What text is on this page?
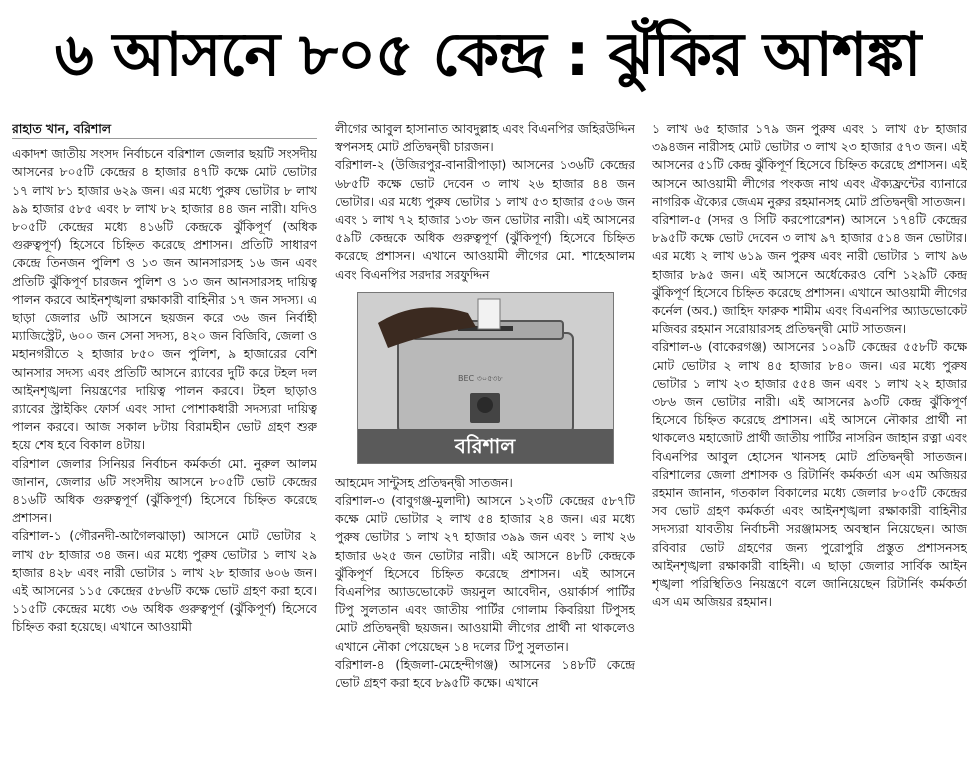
৬ আসনে ৮০৫ কেন্দ্র : ঝুঁকির আশঙ্কা

রাহাত খান, বরিশাল

একাদশ জাতীয় সংসদ নির্বাচনে বরিশাল জেলার ছয়টি সংসদীয় আসনের ৮০৫টি কেন্দ্রের ৪ হাজার ৪৭টি কক্ষে মোট ভোটার ১৭ লাখ ৮১ হাজার ৬২৯ জন। এর মধ্যে পুরুষ ভোটার ৮ লাখ ৯৯ হাজার ৫৮৫ এবং ৮ লাখ ৮২ হাজার ৪৪ জন নারী। যদিও ৮০৫টি কেন্দ্রের মধ্যে ৪১৬টি কেন্দ্রকে ঝুঁকিপূর্ণ (অধিক গুরুত্বপূর্ণ) হিসেবে চিহ্নিত করেছে প্রশাসন। প্রতিটি সাধারণ কেন্দ্রে তিনজন পুলিশ ও ১৩ জন আনসারসহ ১৬ জন এবং প্রতিটি ঝুঁকিপূর্ণ চারজন পুলিশ ও ১৩ জন আনসারসহ দায়িত্ব পালন করবে আইনশৃঙ্খলা রক্ষাকারী বাহিনীর ১৭ জন সদস্য। এ ছাড়া জেলার ৬টি আসনে ছয়জন করে ৩৬ জন নির্বাহী ম্যাজিস্ট্রেট, ৬০০ জন সেনা সদস্য, ৪২০ জন বিজিবি, জেলা ও মহানগরীতে ২ হাজার ৮৫০ জন পুলিশ, ৯ হাজারের বেশি আনসার সদস্য এবং প্রতিটি আসনে র‌্যাবের দুটি করে টহল দল আইনশৃঙ্খলা নিয়ন্ত্রণের দায়িত্ব পালন করবে। টহল ছাড়াও র‌্যাবের স্ট্রাইকিং ফোর্স এবং সাদা পোশাকধারী সদস্যরা দায়িত্ব পালন করবে। আজ সকাল ৮টায় বিরামহীন ভোট গ্রহণ শুরু হয়ে শেষ হবে বিকাল ৪টায়।

বরিশাল জেলার সিনিয়র নির্বাচন কর্মকর্তা মো. নুরুল আলম জানান, জেলার ৬টি সংসদীয় আসনে ৮০৫টি ভোট কেন্দ্রের ৪১৬টি অধিক গুরুত্বপূর্ণ (ঝুঁকিপূর্ণ) হিসেবে চিহ্নিত করেছে প্রশাসন।

বরিশাল-১ (গৌরনদী-আগৈলঝাড়া) আসনে মোট ভোটার ২ লাখ ৫৮ হাজার ৩৪ জন। এর মধ্যে পুরুষ ভোটার ১ লাখ ২৯ হাজার ৪২৮ এবং নারী ভোটার ১ লাখ ২৮ হাজার ৬০৬ জন। এই আসনের ১১৫ কেন্দ্রের ৫৮৬টি কক্ষে ভোট গ্রহণ করা হবে। ১১৫টি কেন্দ্রের মধ্যে ৩৬ অধিক গুরুত্বপূর্ণ (ঝুঁকিপূর্ণ) হিসেবে চিহ্নিত করা হয়েছে। এখানে আওয়ামী

লীগের আবুল হাসানাত আবদুল্লাহ এবং বিএনপির জহিরউদ্দিন স্বপনসহ মোট প্রতিদ্বন্দ্বী চারজন।

বরিশাল-২ (উজিরপুর-বানারীপাড়া) আসনের ১৩৬টি কেন্দ্রের ৬৮৫টি কক্ষে ভোট দেবেন ৩ লাখ ২৬ হাজার ৪৪ জন ভোটার। এর মধ্যে পুরুষ ভোটার ১ লাখ ৫৩ হাজার ৫০৬ জন এবং ১ লাখ ৭২ হাজার ১৩৮ জন ভোটার নারী। এই আসনের ৫৯টি কেন্দ্রকে অধিক গুরুত্বপূর্ণ (ঝুঁকিপূর্ণ) হিসেবে চিহ্নিত করেছে প্রশাসন। এখানে আওয়ামী লীগের মো. শাহেআলম এবং বিএনপির সরদার সরফুদ্দিন

BEC ৩০৫৩৮
বরিশাল

আহমেদ সান্টুসহ প্রতিদ্বন্দ্বী সাতজন।

বরিশাল-৩ (বাবুগঞ্জ-মুলাদী) আসনে ১২৩টি কেন্দ্রের ৫৮৭টি কক্ষে মোট ভোটার ২ লাখ ৫৪ হাজার ২৪ জন। এর মধ্যে পুরুষ ভোটার ১ লাখ ২৭ হাজার ৩৯৯ জন এবং ১ লাখ ২৬ হাজার ৬২৫ জন ভোটার নারী। এই আসনে ৪৮টি কেন্দ্রকে ঝুঁকিপূর্ণ হিসেবে চিহ্নিত করেছে প্রশাসন। এই আসনে বিএনপির অ্যাডভোকেট জয়নুল আবেদীন, ওয়ার্কার্স পার্টির টিপু সুলতান এবং জাতীয় পার্টির গোলাম কিবরিয়া টিপুসহ মোট প্রতিদ্বন্দ্বী ছয়জন। আওয়ামী লীগের প্রার্থী না থাকলেও এখানে নৌকা পেয়েছেন ১৪ দলের টিপু সুলতান।

বরিশাল-৪ (হিজলা-মেহেন্দীগঞ্জ) আসনের ১৪৮টি কেন্দ্রে ভোট গ্রহণ করা হবে ৮৯৫টি কক্ষে। এখানে

১ লাখ ৬৫ হাজার ১৭৯ জন পুরুষ এবং ১ লাখ ৫৮ হাজার ৩৯৪জন নারীসহ মোট ভোটার ৩ লাখ ২৩ হাজার ৫৭৩ জন। এই আসনের ৫১টি কেন্দ্র ঝুঁকিপূর্ণ হিসেবে চিহ্নিত করেছে প্রশাসন। এই আসনে আওয়ামী লীগের পংকজ নাথ এবং ঐক্যফ্রন্টের ব্যানারে নাগরিক ঐক্যের জেএম নুরুর রহমানসহ মোট প্রতিদ্বন্দ্বী সাতজন।

বরিশাল-৫ (সদর ও সিটি করপোরেশন) আসনে ১৭৪টি কেন্দ্রের ৮৯৫টি কক্ষে ভোট দেবেন ৩ লাখ ৯৭ হাজার ৫১৪ জন ভোটার। এর মধ্যে ২ লাখ ৬১৯ জন পুরুষ এবং নারী ভোটার ১ লাখ ৯৬ হাজার ৮৯৫ জন। এই আসনে অর্ধেকেরও বেশি ১২৯টি কেন্দ্র ঝুঁকিপূর্ণ হিসেবে চিহ্নিত করেছে প্রশাসন। এখানে আওয়ামী লীগের কর্নেল (অব.) জাহিদ ফারুক শামীম এবং বিএনপির অ্যাডভোকেট মজিবর রহমান সরোয়ারসহ প্রতিদ্বন্দ্বী মোট সাতজন।

বরিশাল-৬ (বাকেরগঞ্জ) আসনের ১০৯টি কেন্দ্রের ৫৫৮টি কক্ষে মোট ভোটার ২ লাখ ৪৫ হাজার ৮৪০ জন। এর মধ্যে পুরুষ ভোটার ১ লাখ ২৩ হাজার ৫৫৪ জন এবং ১ লাখ ২২ হাজার ৩৮৬ জন ভোটার নারী। এই আসনের ৯৩টি কেন্দ্র ঝুঁকিপূর্ণ হিসেবে চিহ্নিত করেছে প্রশাসন। এই আসনে নৌকার প্রার্থী না থাকলেও মহাজোট প্রার্থী জাতীয় পার্টির নাসরিন জাহান রত্না এবং বিএনপির আবুল হোসেন খানসহ মোট প্রতিদ্বন্দ্বী সাতজন। বরিশালের জেলা প্রশাসক ও রিটার্নিং কর্মকর্তা এস এম অজিয়র রহমান জানান, গতকাল বিকালের মধ্যে জেলার ৮০৫টি কেন্দ্রের সব ভোট গ্রহণ কর্মকর্তা এবং আইনশৃঙ্খলা রক্ষাকারী বাহিনীর সদস্যরা যাবতীয় নির্বাচনী সরঞ্জামসহ অবস্থান নিয়েছেন। আজ রবিবার ভোট গ্রহণের জন্য পুরোপুরি প্রস্তুত প্রশাসনসহ আইনশৃঙ্খলা রক্ষাকারী বাহিনী। এ ছাড়া জেলার সার্বিক আইন শৃঙ্খলা পরিস্থিতিও নিয়ন্ত্রণে বলে জানিয়েছেন রিটার্নিং কর্মকর্তা এস এম অজিয়র রহমান।
